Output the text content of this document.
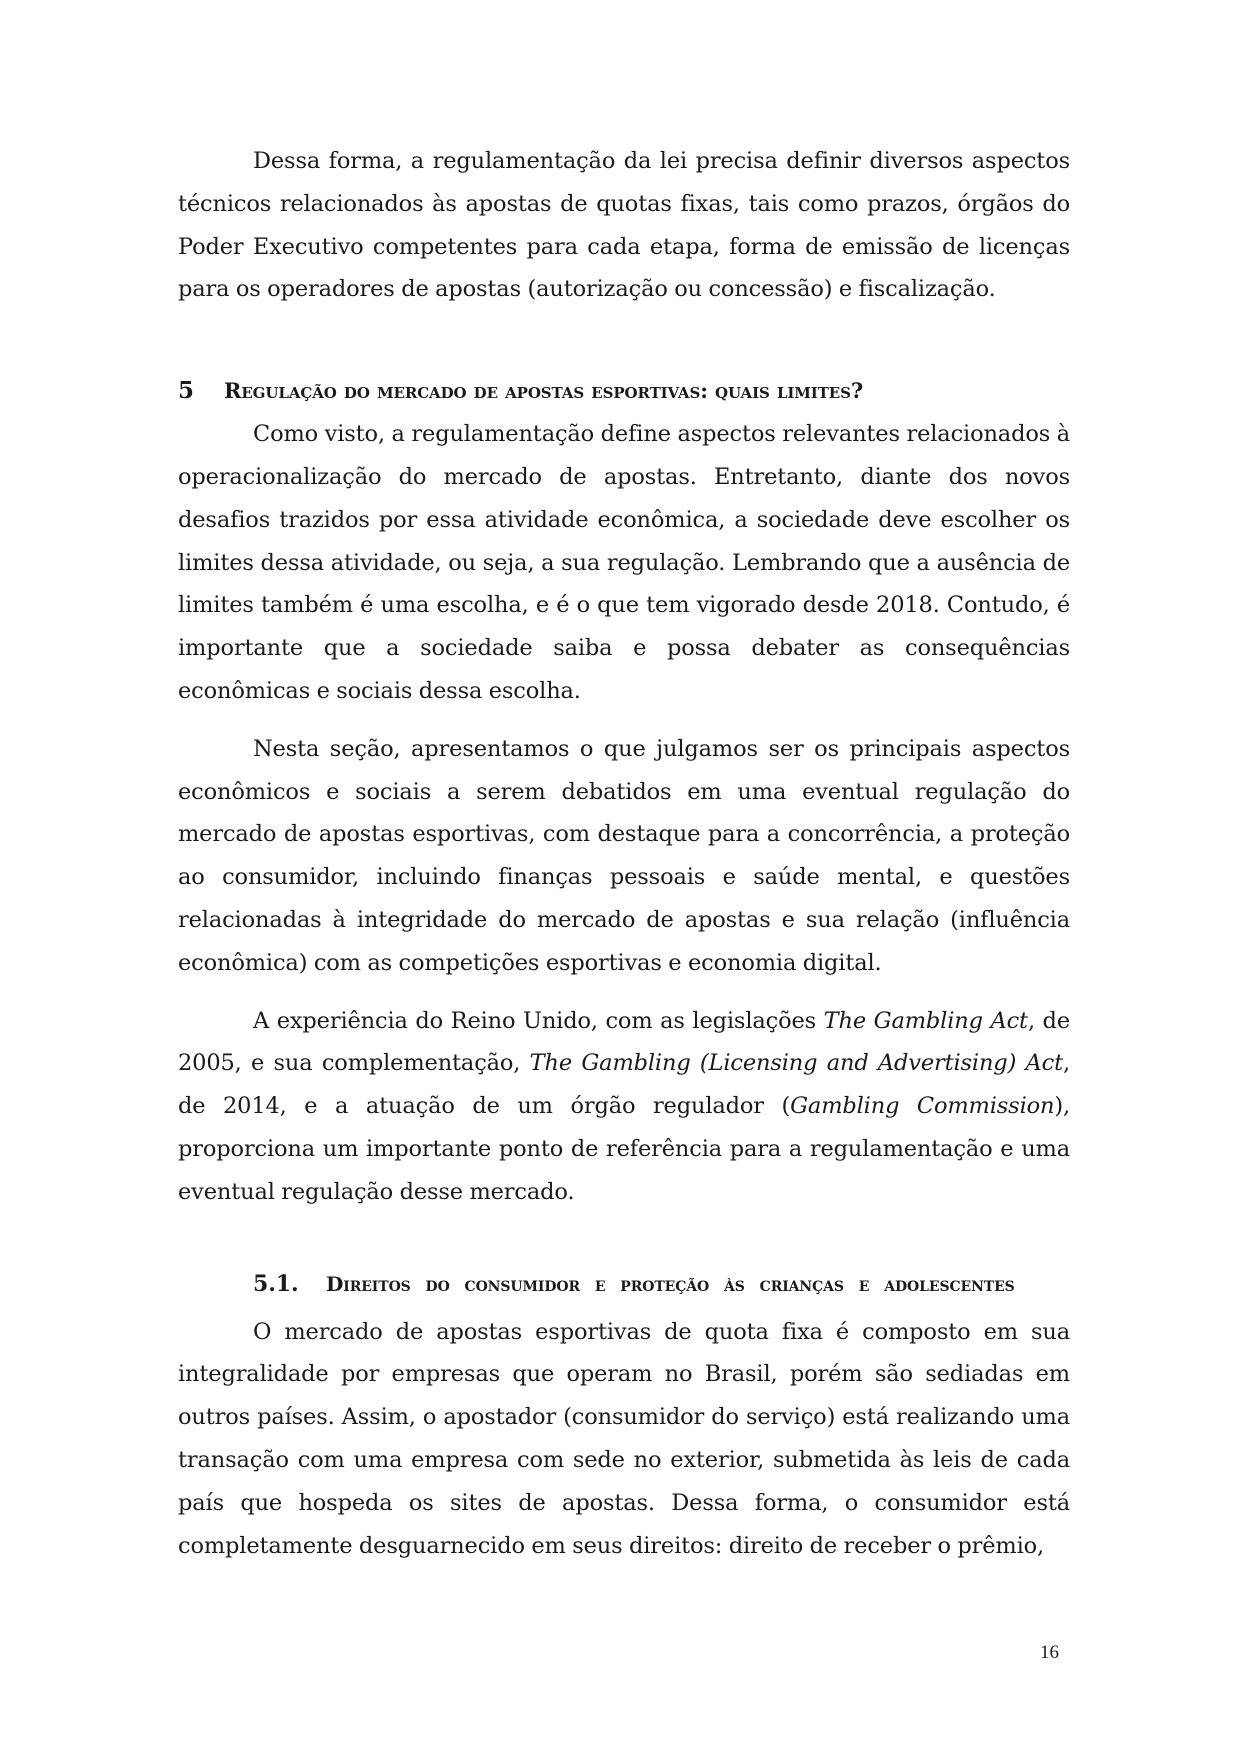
Dessa forma, a regulamentação da lei precisa definir diversos aspectos técnicos relacionados às apostas de quotas fixas, tais como prazos, órgãos do Poder Executivo competentes para cada etapa, forma de emissão de licenças para os operadores de apostas (autorização ou concessão) e fiscalização.

5	Regulação do mercado de apostas esportivas: quais limites?

Como visto, a regulamentação define aspectos relevantes relacionados à operacionalização do mercado de apostas. Entretanto, diante dos novos desafios trazidos por essa atividade econômica, a sociedade deve escolher os limites dessa atividade, ou seja, a sua regulação. Lembrando que a ausência de limites também é uma escolha, e é o que tem vigorado desde 2018. Contudo, é importante que a sociedade saiba e possa debater as consequências econômicas e sociais dessa escolha.

Nesta seção, apresentamos o que julgamos ser os principais aspectos econômicos e sociais a serem debatidos em uma eventual regulação do mercado de apostas esportivas, com destaque para a concorrência, a proteção ao consumidor, incluindo finanças pessoais e saúde mental, e questões relacionadas à integridade do mercado de apostas e sua relação (influência econômica) com as competições esportivas e economia digital.

A experiência do Reino Unido, com as legislações The Gambling Act, de 2005, e sua complementação, The Gambling (Licensing and Advertising) Act, de 2014, e a atuação de um órgão regulador (Gambling Commission), proporciona um importante ponto de referência para a regulamentação e uma eventual regulação desse mercado.

5.1.	Direitos do consumidor e proteção às crianças e adolescentes

O mercado de apostas esportivas de quota fixa é composto em sua integralidade por empresas que operam no Brasil, porém são sediadas em outros países. Assim, o apostador (consumidor do serviço) está realizando uma transação com uma empresa com sede no exterior, submetida às leis de cada país que hospeda os sites de apostas. Dessa forma, o consumidor está completamente desguarnecido em seus direitos: direito de receber o prêmio,

16
